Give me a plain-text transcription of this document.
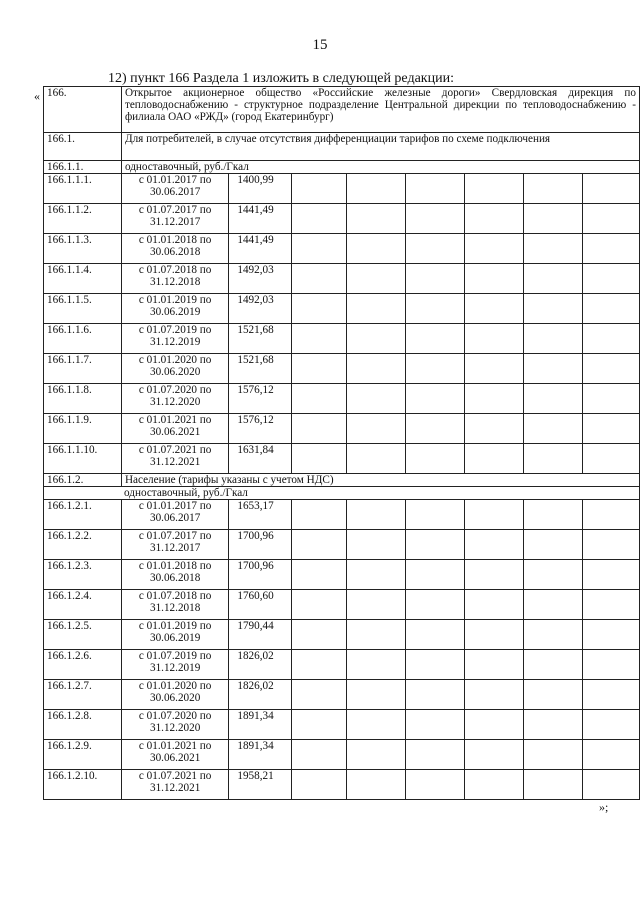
15
12) пункт 166 Раздела 1 изложить в следующей редакции:
«
»;
166.	Открытое акционерное общество «Российские железные дороги» Свердловская дирекция по тепловодоснабжению - структурное подразделение Центральной дирекции по тепловодоснабжению - филиала ОАО «РЖД» (город Екатеринбург)							
166.1.	Для потребителей, в случае отсутствия дифференциации тарифов по схеме подключения							
166.1.1.	одноставочный, руб./Гкал							
166.1.1.1.	с 01.01.2017 по 30.06.2017	1400,99						
166.1.1.2.	с 01.07.2017 по 31.12.2017	1441,49						
166.1.1.3.	с 01.01.2018 по 30.06.2018	1441,49						
166.1.1.4.	с 01.07.2018 по 31.12.2018	1492,03						
166.1.1.5.	с 01.01.2019 по 30.06.2019	1492,03						
166.1.1.6.	с 01.07.2019 по 31.12.2019	1521,68						
166.1.1.7.	с 01.01.2020 по 30.06.2020	1521,68						
166.1.1.8.	с 01.07.2020 по 31.12.2020	1576,12						
166.1.1.9.	с 01.01.2021 по 30.06.2021	1576,12						
166.1.1.10.	с 01.07.2021 по 31.12.2021	1631,84						
166.1.2.	Население (тарифы указаны с учетом НДС)							
одноставочный, руб./Гкал								
166.1.2.1.	с 01.01.2017 по 30.06.2017	1653,17						
166.1.2.2.	с 01.07.2017 по 31.12.2017	1700,96						
166.1.2.3.	с 01.01.2018 по 30.06.2018	1700,96						
166.1.2.4.	с 01.07.2018 по 31.12.2018	1760,60						
166.1.2.5.	с 01.01.2019 по 30.06.2019	1790,44						
166.1.2.6.	с 01.07.2019 по 31.12.2019	1826,02						
166.1.2.7.	с 01.01.2020 по 30.06.2020	1826,02						
166.1.2.8.	с 01.07.2020 по 31.12.2020	1891,34						
166.1.2.9.	с 01.01.2021 по 30.06.2021	1891,34						
166.1.2.10.	с 01.07.2021 по 31.12.2021	1958,21						
